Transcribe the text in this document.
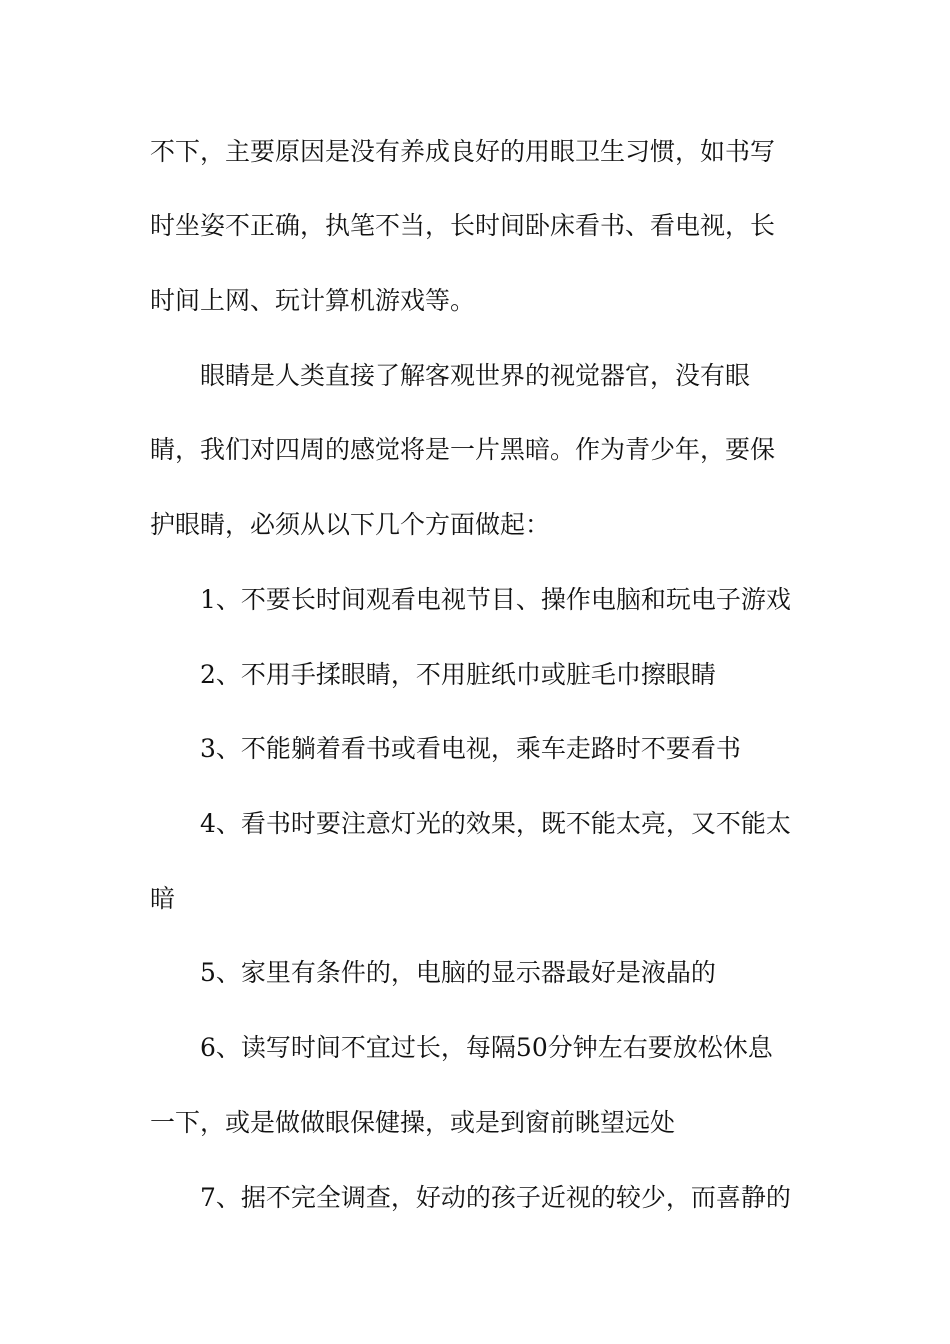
不下，主要原因是没有养成良好的用眼卫生习惯，如书写

时坐姿不正确，执笔不当，长时间卧床看书、看电视，长

时间上网、玩计算机游戏等。

眼睛是人类直接了解客观世界的视觉器官，没有眼

睛，我们对四周的感觉将是一片黑暗。作为青少年，要保

护眼睛，必须从以下几个方面做起：

1、不要长时间观看电视节目、操作电脑和玩电子游戏

2、不用手揉眼睛，不用脏纸巾或脏毛巾擦眼睛

3、不能躺着看书或看电视，乘车走路时不要看书

4、看书时要注意灯光的效果，既不能太亮，又不能太

暗

5、家里有条件的，电脑的显示器最好是液晶的

6、读写时间不宜过长，每隔50分钟左右要放松休息

一下，或是做做眼保健操，或是到窗前眺望远处

7、据不完全调查，好动的孩子近视的较少，而喜静的
